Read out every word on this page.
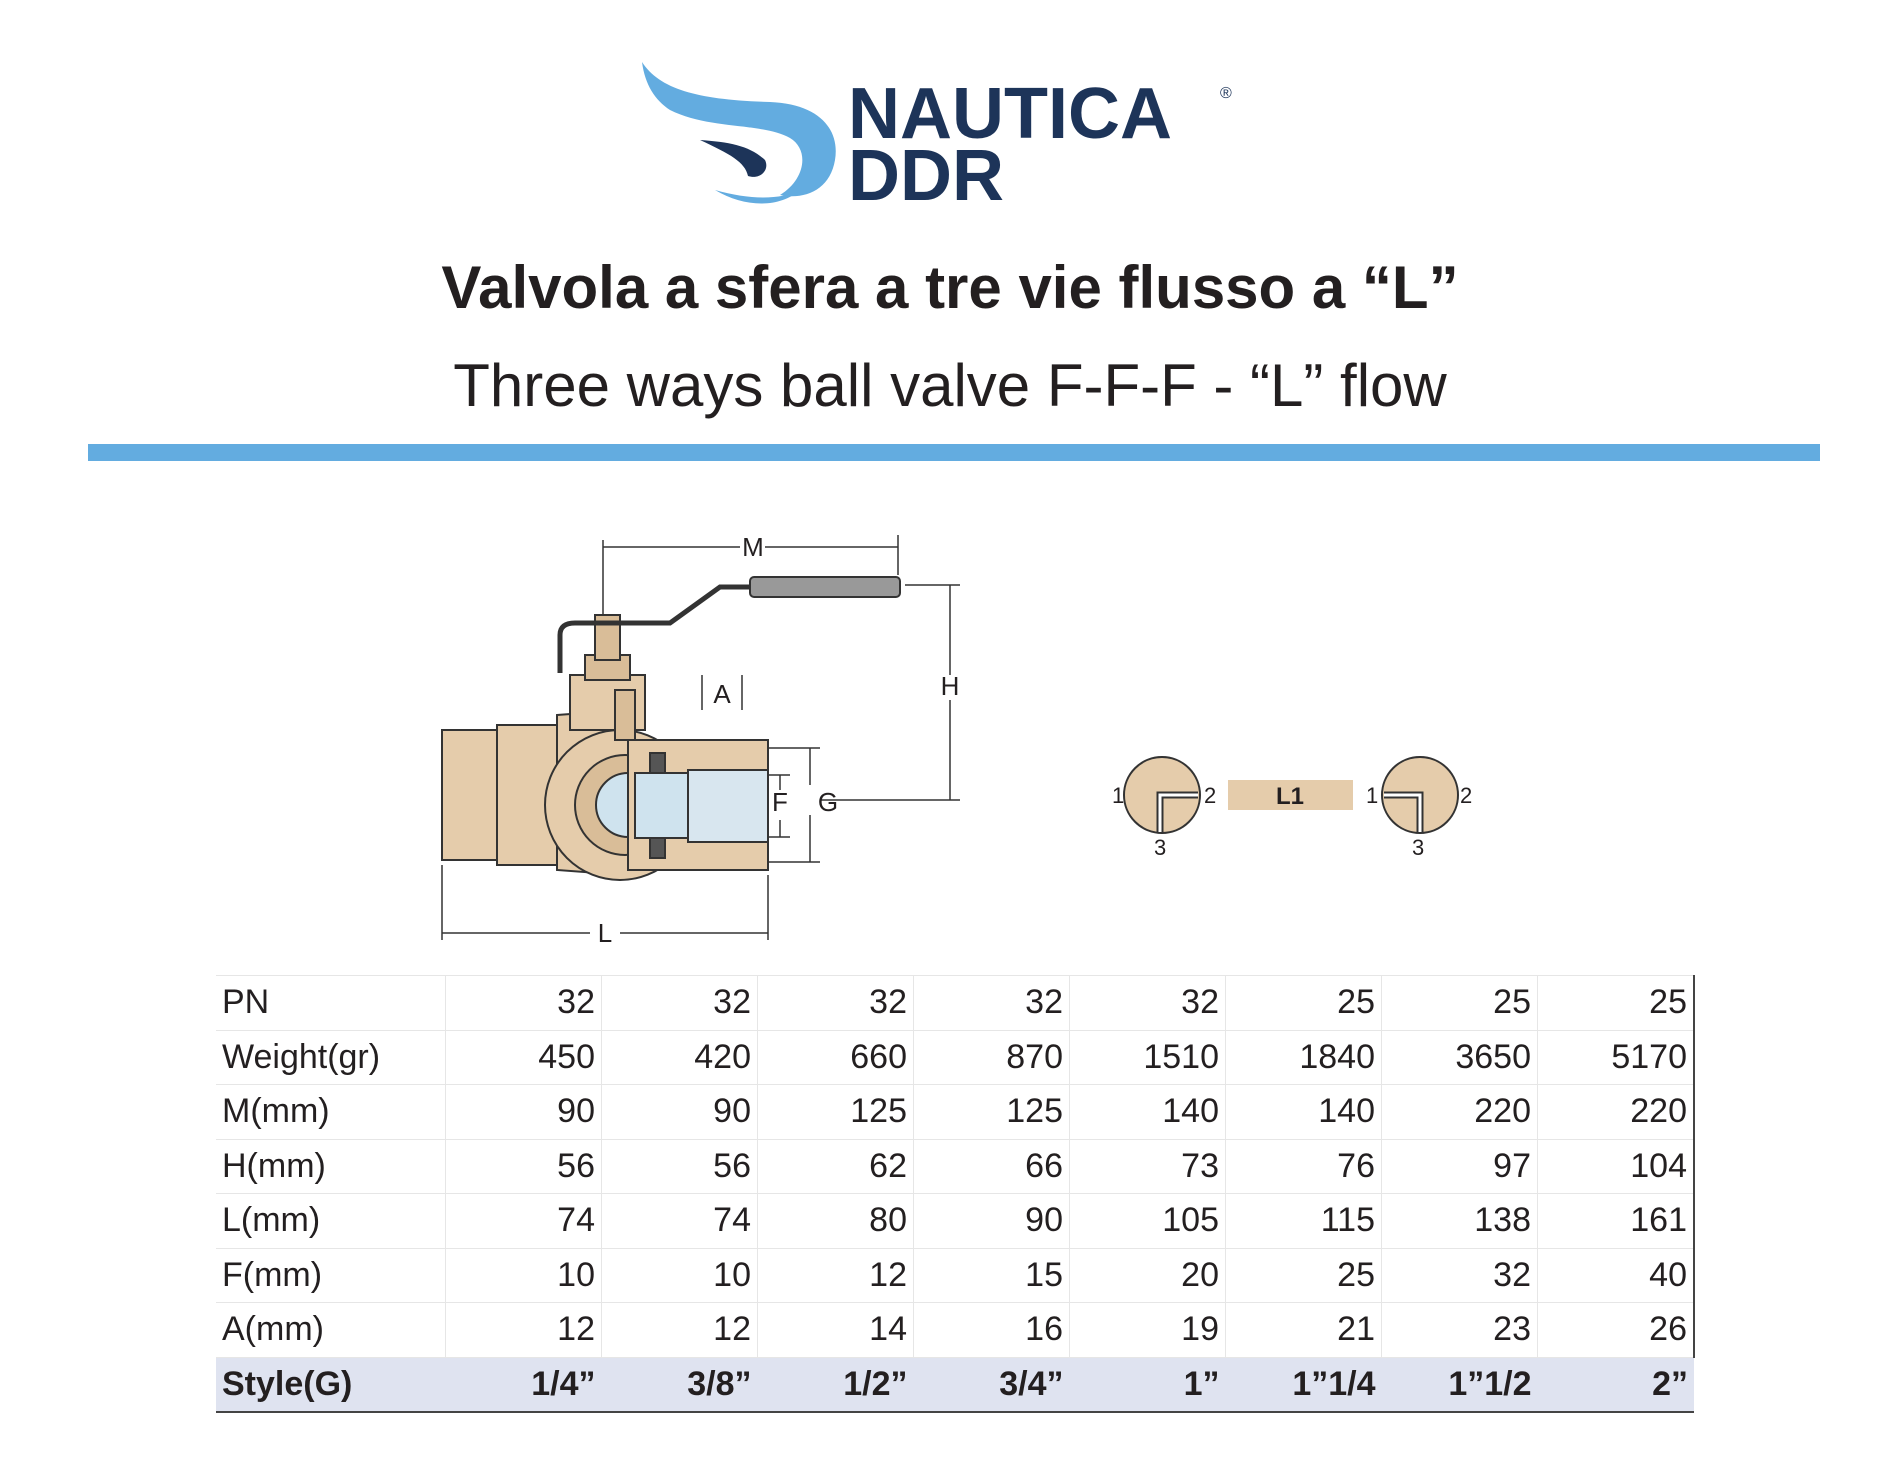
NAUTICA	®
DDR
Valvola a sfera a tre vie flusso a “L”
Three ways ball valve F-F-F - “L” flow
M
H
A
F G
L
1	2
3
L1	1	2
3
PN	32	32	32	32	32	25	25	25
Weight(gr)	450	420	660	870	1510	1840	3650	5170
M(mm)	90	90	125	125	140	140	220	220
H(mm)	56	56	62	66	73	76	97	104
L(mm)	74	74	80	90	105	115	138	161
F(mm)	10	10	12	15	20	25	32	40
A(mm)	12	12	14	16	19	21	23	26
Style(G)	1/4”	3/8”	1/2”	3/4”	1”	1”1/4	1”1/2	2”
